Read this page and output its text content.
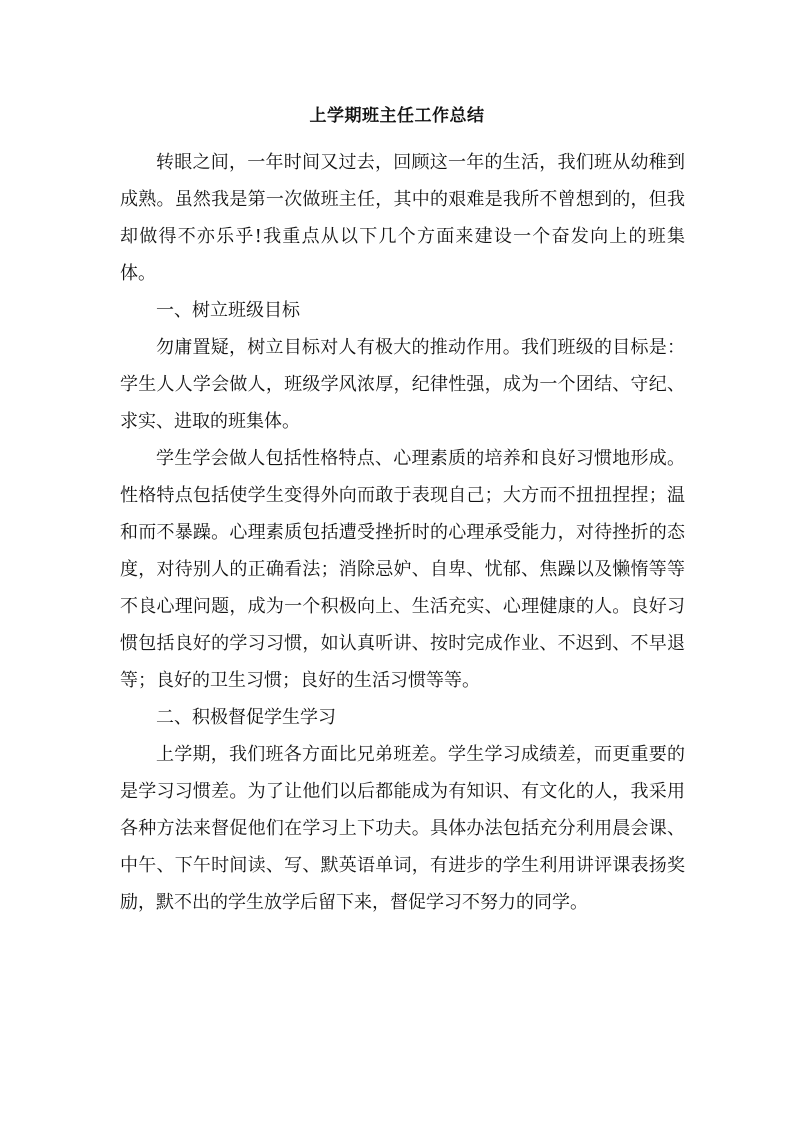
上学期班主任工作总结

转眼之间，一年时间又过去，回顾这一年的生活，我们班从幼稚到成熟。虽然我是第一次做班主任，其中的艰难是我所不曾想到的，但我却做得不亦乐乎!我重点从以下几个方面来建设一个奋发向上的班集体。

一、树立班级目标

勿庸置疑，树立目标对人有极大的推动作用。我们班级的目标是：学生人人学会做人，班级学风浓厚，纪律性强，成为一个团结、守纪、求实、进取的班集体。

学生学会做人包括性格特点、心理素质的培养和良好习惯地形成。性格特点包括使学生变得外向而敢于表现自己；大方而不扭扭捏捏；温和而不暴躁。心理素质包括遭受挫折时的心理承受能力，对待挫折的态度，对待别人的正确看法；消除忌妒、自卑、忧郁、焦躁以及懒惰等等不良心理问题，成为一个积极向上、生活充实、心理健康的人。良好习惯包括良好的学习习惯，如认真听讲、按时完成作业、不迟到、不早退等；良好的卫生习惯；良好的生活习惯等等。

二、积极督促学生学习

上学期，我们班各方面比兄弟班差。学生学习成绩差，而更重要的是学习习惯差。为了让他们以后都能成为有知识、有文化的人，我采用各种方法来督促他们在学习上下功夫。具体办法包括充分利用晨会课、中午、下午时间读、写、默英语单词，有进步的学生利用讲评课表扬奖励，默不出的学生放学后留下来，督促学习不努力的同学。
